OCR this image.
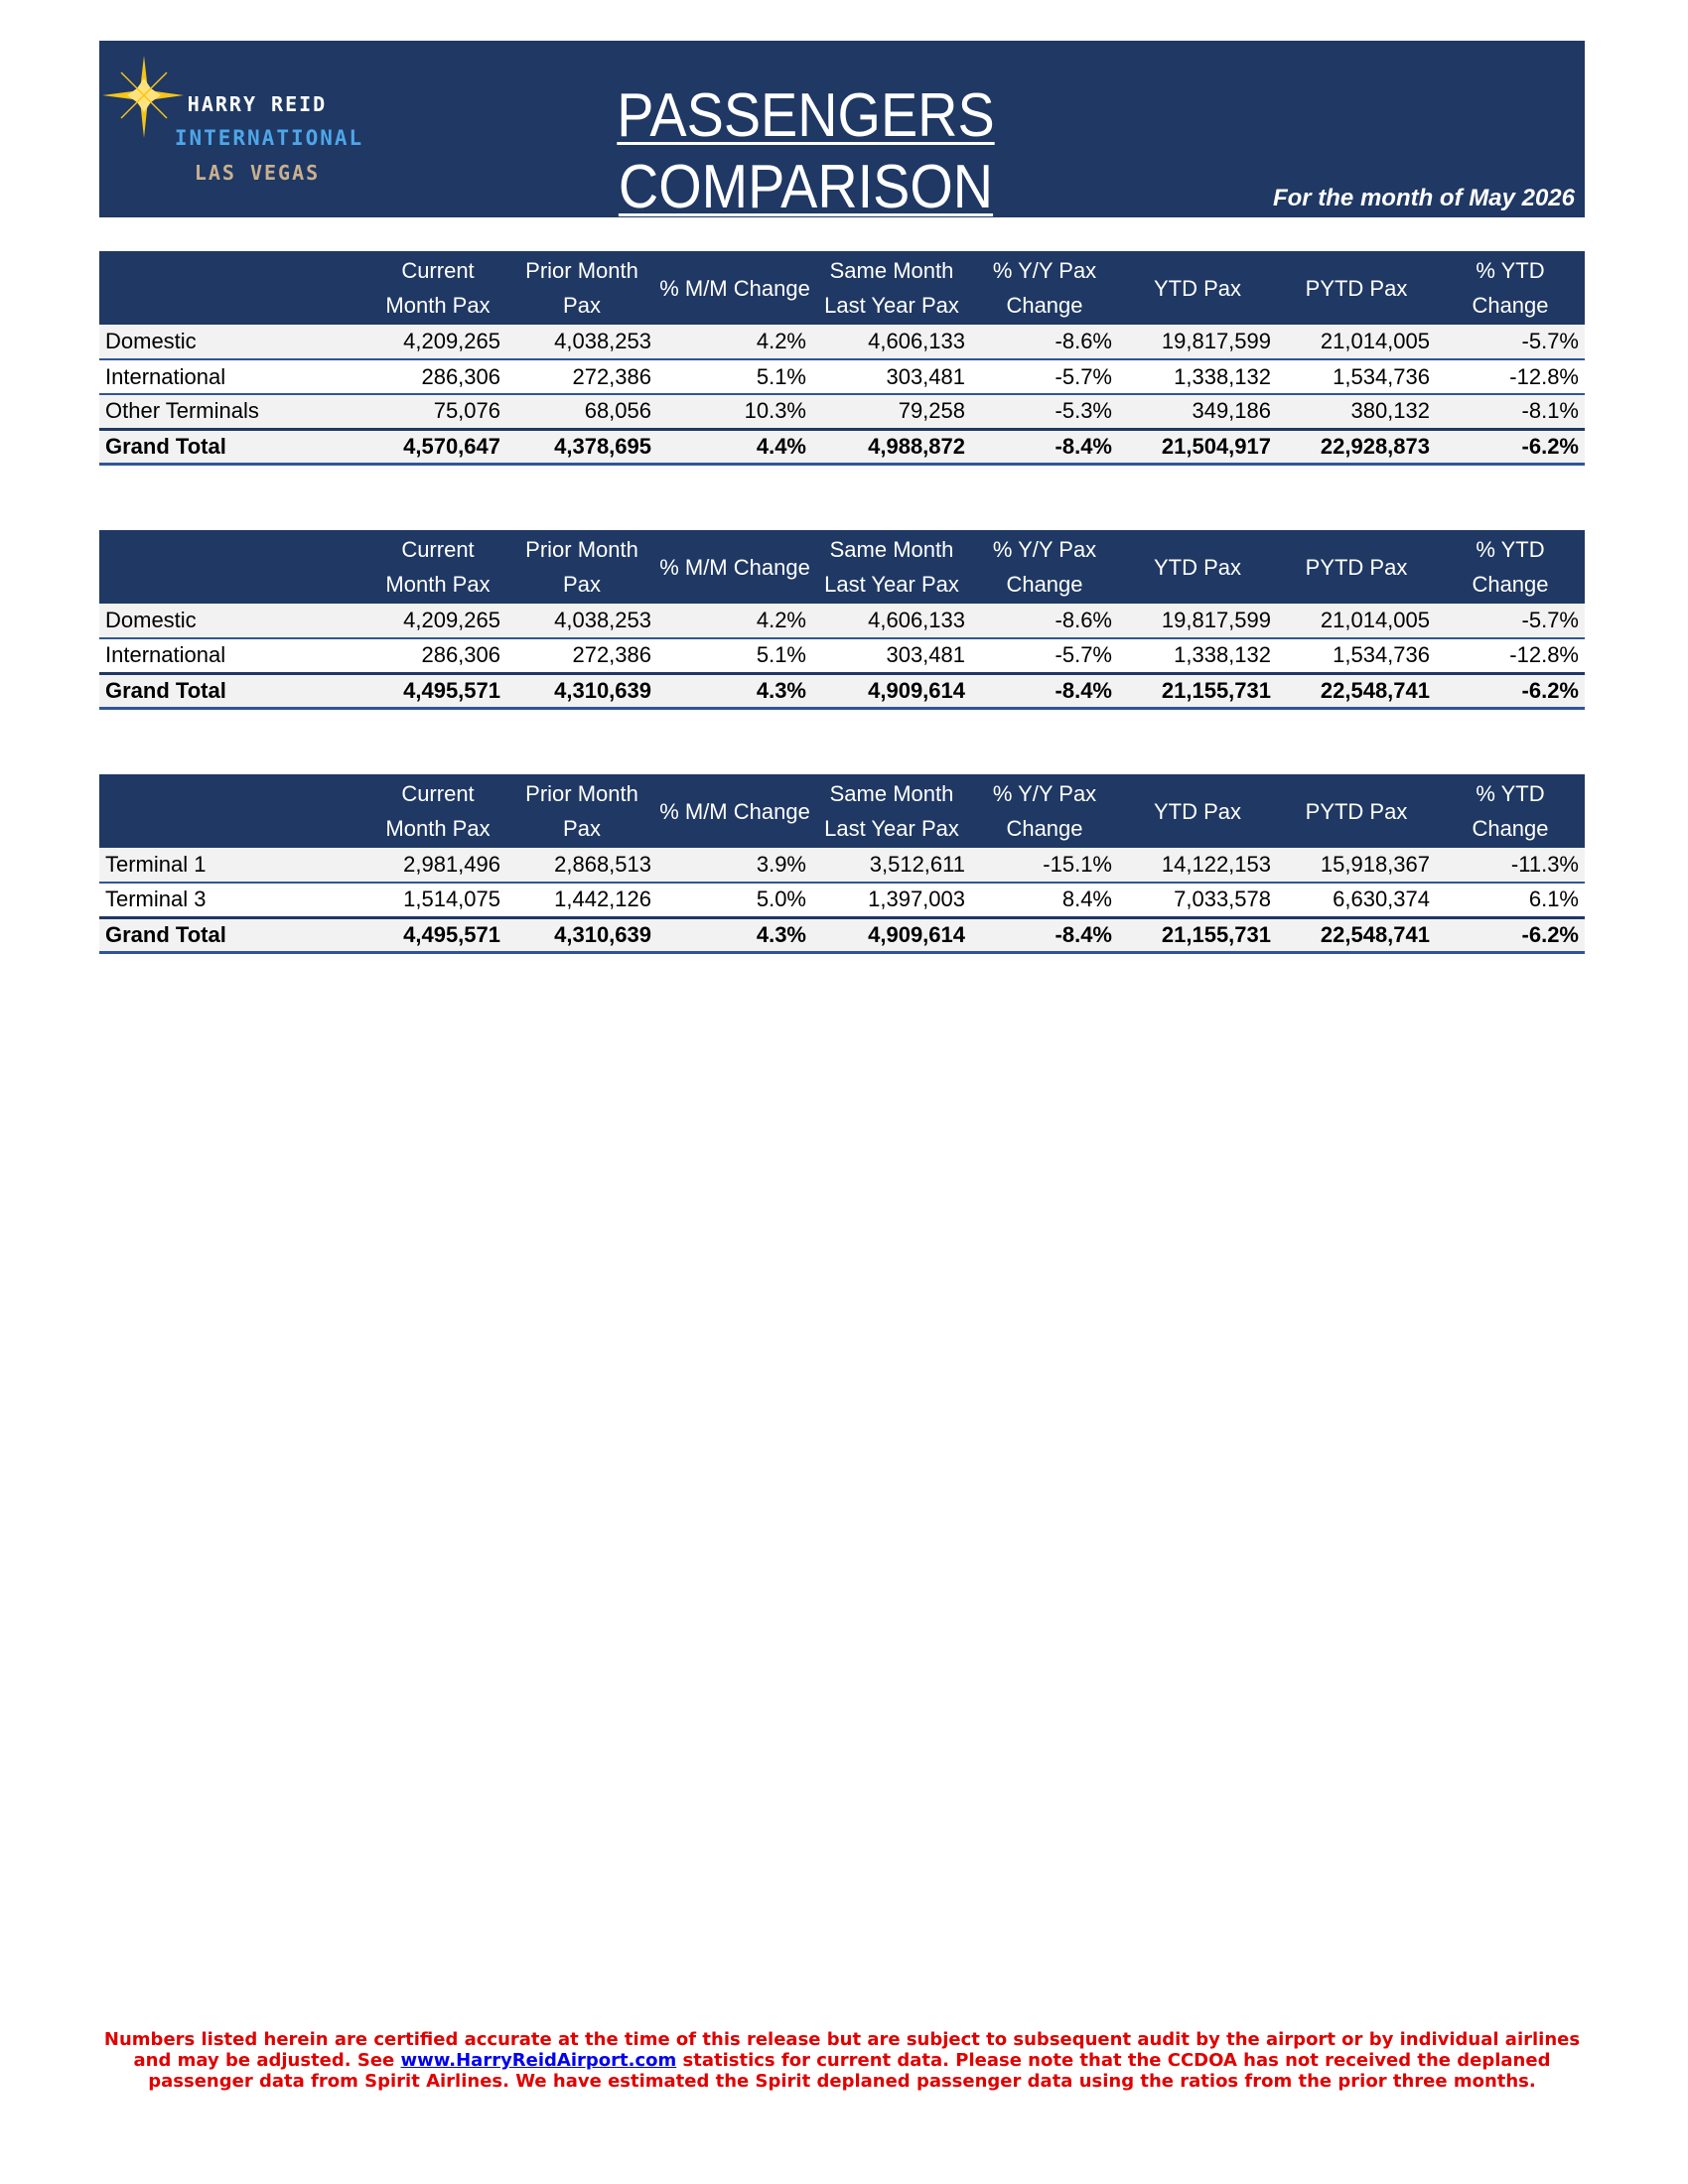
HARRY REID
INTERNATIONAL
LAS VEGAS
PASSENGERS COMPARISON	For the month of May 2026
	Current Month Pax	Prior Month Pax	% M/M Change	Same Month Last Year Pax	% Y/Y Pax Change	YTD Pax	PYTD Pax	% YTD Change
Domestic	4,209,265	4,038,253	4.2%	4,606,133	-8.6%	19,817,599	21,014,005	-5.7%
International	286,306	272,386	5.1%	303,481	-5.7%	1,338,132	1,534,736	-12.8%
Other Terminals	75,076	68,056	10.3%	79,258	-5.3%	349,186	380,132	-8.1%
Grand Total	4,570,647	4,378,695	4.4%	4,988,872	-8.4%	21,504,917	22,928,873	-6.2%
	Current Month Pax	Prior Month Pax	% M/M Change	Same Month Last Year Pax	% Y/Y Pax Change	YTD Pax	PYTD Pax	% YTD Change
Domestic	4,209,265	4,038,253	4.2%	4,606,133	-8.6%	19,817,599	21,014,005	-5.7%
International	286,306	272,386	5.1%	303,481	-5.7%	1,338,132	1,534,736	-12.8%
Grand Total	4,495,571	4,310,639	4.3%	4,909,614	-8.4%	21,155,731	22,548,741	-6.2%
	Current Month Pax	Prior Month Pax	% M/M Change	Same Month Last Year Pax	% Y/Y Pax Change	YTD Pax	PYTD Pax	% YTD Change
Terminal 1	2,981,496	2,868,513	3.9%	3,512,611	-15.1%	14,122,153	15,918,367	-11.3%
Terminal 3	1,514,075	1,442,126	5.0%	1,397,003	8.4%	7,033,578	6,630,374	6.1%
Grand Total	4,495,571	4,310,639	4.3%	4,909,614	-8.4%	21,155,731	22,548,741	-6.2%
Numbers listed herein are certified accurate at the time of this release but are subject to subsequent audit by the airport or by individual airlines and may be adjusted. See www.HarryReidAirport.com statistics for current data. Please note that the CCDOA has not received the deplaned passenger data from Spirit Airlines. We have estimated the Spirit deplaned passenger data using the ratios from the prior three months.
